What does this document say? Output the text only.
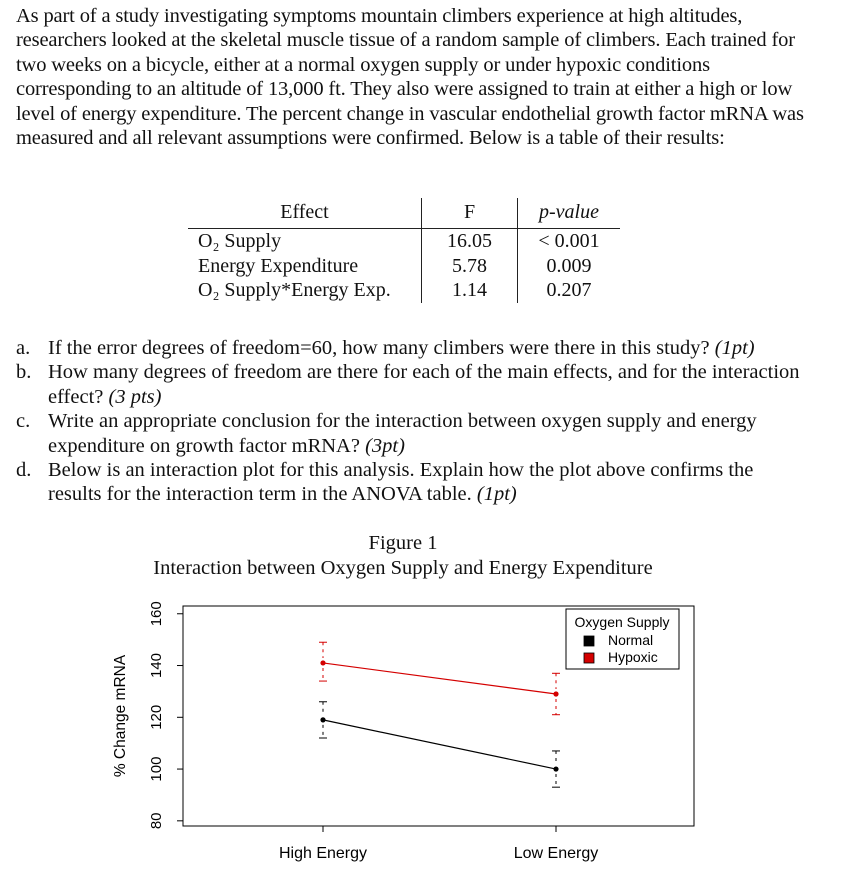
As part of a study investigating symptoms mountain climbers experience at high altitudes, researchers looked at the skeletal muscle tissue of a random sample of climbers. Each trained for two weeks on a bicycle, either at a normal oxygen supply or under hypoxic conditions corresponding to an altitude of 13,000 ft. They also were assigned to train at either a high or low level of energy expenditure. The percent change in vascular endothelial growth factor mRNA was measured and all relevant assumptions were confirmed. Below is a table of their results:

Effect	F	p-value
O₂ Supply	16.05	< 0.001
Energy Expenditure	5.78	0.009
O₂ Supply*Energy Exp.	1.14	0.207
a. If the error degrees of freedom=60, how many climbers were there in this study? (1pt)
b. How many degrees of freedom are there for each of the main effects, and for the interaction effect? (3 pts)
c. Write an appropriate conclusion for the interaction between oxygen supply and energy expenditure on growth factor mRNA? (3pt)
d. Below is an interaction plot for this analysis. Explain how the plot above confirms the results for the interaction term in the ANOVA table. (1pt)
Figure 1
Interaction between Oxygen Supply and Energy Expenditure
80
100
120
140
160
% Change mRNA
High Energy	Low Energy
Oxygen Supply
Normal
Hypoxic
